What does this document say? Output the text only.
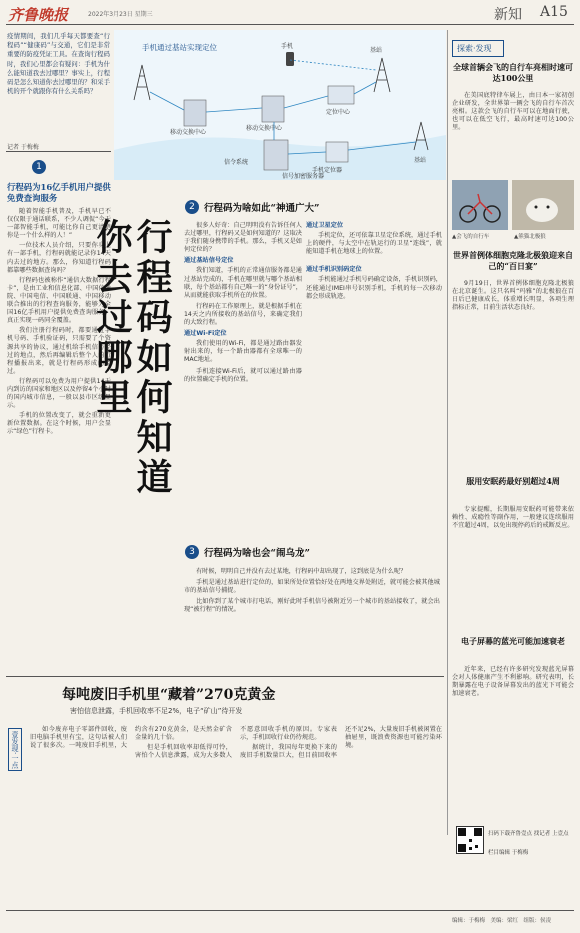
齐鲁晚报	2022年3月23日 星期三	新知 A15
疫情期间，我们几乎每天都要查“行程码”“健康码”与交通，它们是非常重要的防疫凭证工具。在查询行程码时，我们心里都会有疑问：手机为什么能知道我去过哪里？事实上，行程码是怎么知道你去过哪里的？和采手机的开个就跟你有什么关系吗？
记者 于梅梅
手机通过基站实现定位	手机
基站
移动交换中心
移动交换中心
定位中心
手机定位器
信令系统
信号加密服务器
基站
1
行程码为16亿手机用户提供免费查询服务

随着智能手机普及，手机早已不仅仅限于通话联系，不少人调侃“今天一部智能手机，可能比你自己更清楚你是一个什么样的人！”

一位技术人员介绍，只要你身上有一部手机，行程码就能记录你14天内去过的地方。那么，你知道行程码都靠哪些数据查询吗？

行程码也被称作“通信大数据行程卡”，是由工业和信息化部、中国信通院、中国电信、中国联通、中国移动联合推出的行程查询服务，能够为全国16亿手机用户提供免费查询服务。真正实现一码同全覆盖。

我们注册行程码时，都要通过手机号码、手机验证码，只需要了个资源共享的协议，通过机给手机信号经过的地点，然后再编辑后整个人的行程播报出来，就是行程码形成的经过。

行程码可以免费为用户提供14天内到访的国家和地区以及停留4个小时的国内城市信息，一般以县市区级显示。

手机的位置改变了，就会重新更新位置数据。在这个时候，用户会显示“绿色”行程卡。	行程码如何知道你去过哪里
2 行程码为啥如此“神通广大”

很多人好奇：自己明明没有告诉任何人去过哪里，行程码又是如何知道的？这取决于我们随身携带的手机。那么，手机又是如何定位的？

通过基站信号定位

我们知道，手机的正常通信服务都是通过基站完成的，手机在哪里就与哪个基站相联，每个基站都有自己唯一的“身份证号”，从而就能获取手机所在的位置。

行程码在工作原理上，就是根据手机在14天之内所接收的基站信号，来确定我们的大致行程。

通过Wi-Fi定位

我们使用的Wi-Fi，都是通过路由器发射出来的，每一个路由器都有全球唯一的MAC地址。

手机连接Wi-Fi后，就可以通过路由器的位置确定手机的位置。

通过卫星定位

手机定位，还可依靠卫星定位系统，通过手机上的硬件，与太空中在轨运行的卫星“连线”，就能知道手机在地球上的位置。

通过手机识别码定位

手机能通过手机号码确定设备，手机识别码，还能通过IMEI串号识别手机，手机的每一次移动都会形成轨迹。

3 行程码为啥也会“闹乌龙”

有时候，明明自己并没有去过某地，行程码中却出现了，这到底是为什么呢？

手机是通过基站进行定位的，如果所处位置恰好处在两地交界处附近，就可能会被其他城市的基站信号捕捉。

比如你到了某个城市打电话，刚好此时手机信号被附近另一个城市的基站接收了，就会出现“被行程”的情况。

探索·发现
全球首辆会飞的自行车亮相时速可达100公里
在美国底特律车展上，由日本一家初创企业研发，全世界第一辆会飞的自行车首次亮相。这款会飞的自行车可以在地面行驶，也可以在低空飞行，最高时速可达100公里。
▲会飞的自行车	▲熊猫北极狼
世界首例体细胞克隆北极狼迎来自己的“百日宴”
9月19日，世界首例体细胞克隆北极狼在北京诞生。这只名叫“玛雅”的北极狼在百日后已健康成长，体重增长明显，各项生理指标正常，目前生活状态良好。
服用安眠药最好别超过4周
专家提醒，长期服用安眠药可能带来依赖性、成瘾性等副作用，一般建议连续服用不宜超过4周，以免出现停药后的戒断反应。
电子屏幕的蓝光可能加速衰老
近年来，已经有许多研究发现蓝光屏幕会对人体健康产生不利影响。研究表明，长期暴露在电子设备屏幕发出的蓝光下可能会加速衰老。
扫码下载齐鲁壹点 找记者 上壹点
栏目编辑 于梅梅
每吨废旧手机里“藏着”270克黄金
害怕信息泄露，手机回收率不足2%，电子“矿山”待开发
壹发现·一点

如今废弃电子零部件回收，废旧电脑手机里有宝，这句话被人们说了很多次。一吨废旧手机里，大约含有270克黄金，是天然金矿含金量的几十倍。

但是手机回收率却低得可怜，害怕个人信息泄露，成为大多数人不愿意回收手机的原因。专家表示，手机回收行业仍待规范。

据统计，我国每年更换下来的废旧手机数量巨大，但目前回收率还不足2%，大量废旧手机被闲置在抽屉里，既浪费资源也可能污染环境。

编辑：于梅梅　美编：梁红　组版：侯凌
